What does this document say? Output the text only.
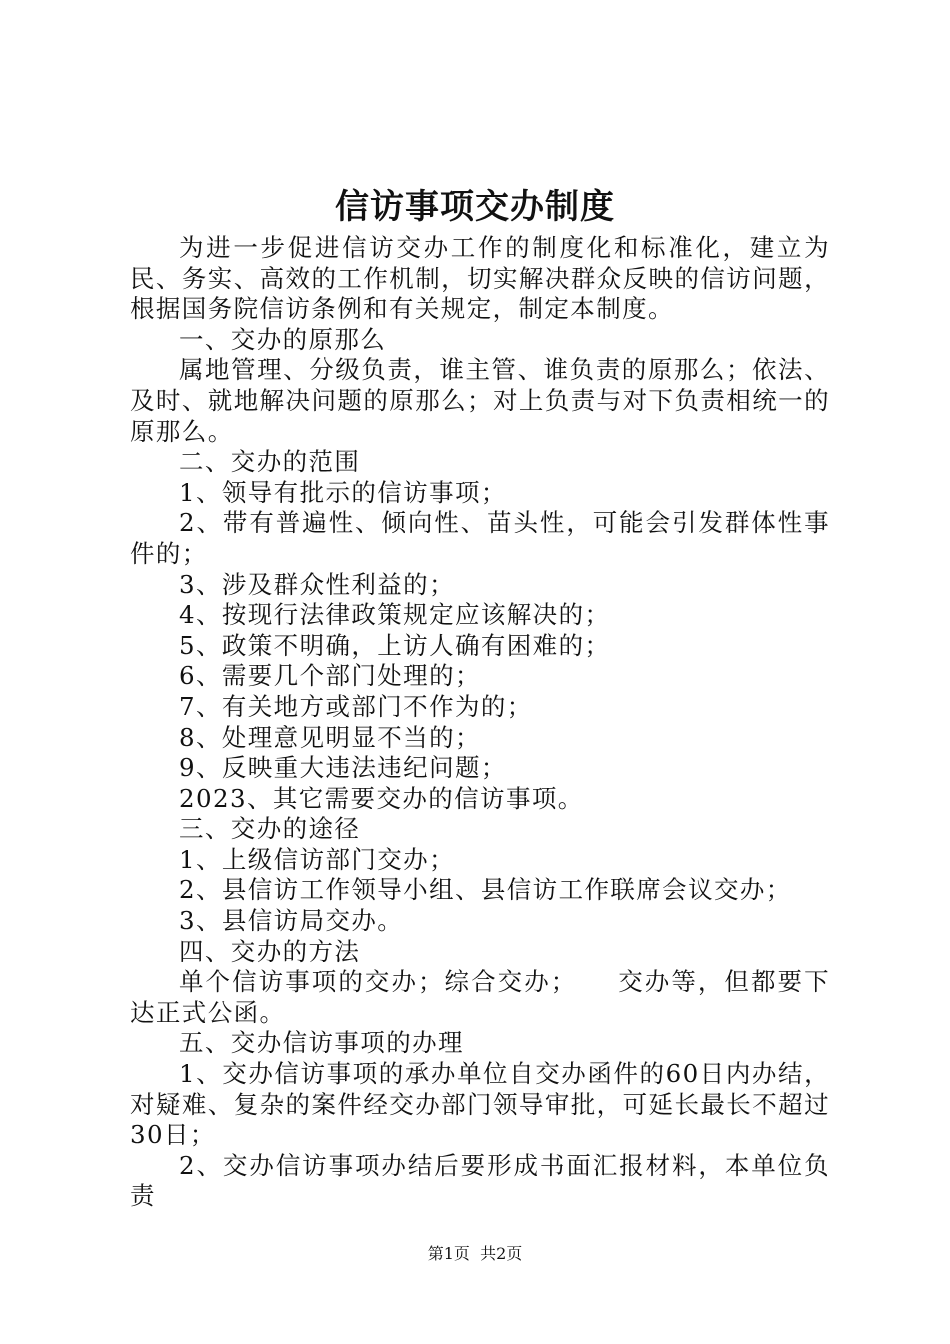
信访事项交办制度

为进一步促进信访交办工作的制度化和标准化，建立为民、务实、高效的工作机制，切实解决群众反映的信访问题，根据国务院信访条例和有关规定，制定本制度。

一、交办的原那么

属地管理、分级负责，谁主管、谁负责的原那么；依法、及时、就地解决问题的原那么；对上负责与对下负责相统一的原那么。

二、交办的范围

1、领导有批示的信访事项；

2、带有普遍性、倾向性、苗头性，可能会引发群体性事件的；

3、涉及群众性利益的；

4、按现行法律政策规定应该解决的；

5、政策不明确，上访人确有困难的；

6、需要几个部门处理的；

7、有关地方或部门不作为的；

8、处理意见明显不当的；

9、反映重大违法违纪问题；

2023、其它需要交办的信访事项。

三、交办的途径

1、上级信访部门交办；

2、县信访工作领导小组、县信访工作联席会议交办；

3、县信访局交办。

四、交办的方法

单个信访事项的交办；综合交办；　　交办等，但都要下达正式公函。

五、交办信访事项的办理

1、交办信访事项的承办单位自交办函件的60日内办结，对疑难、复杂的案件经交办部门领导审批，可延长最长不超过30日；

2、交办信访事项办结后要形成书面汇报材料，本单位负责

第1页  共2页
